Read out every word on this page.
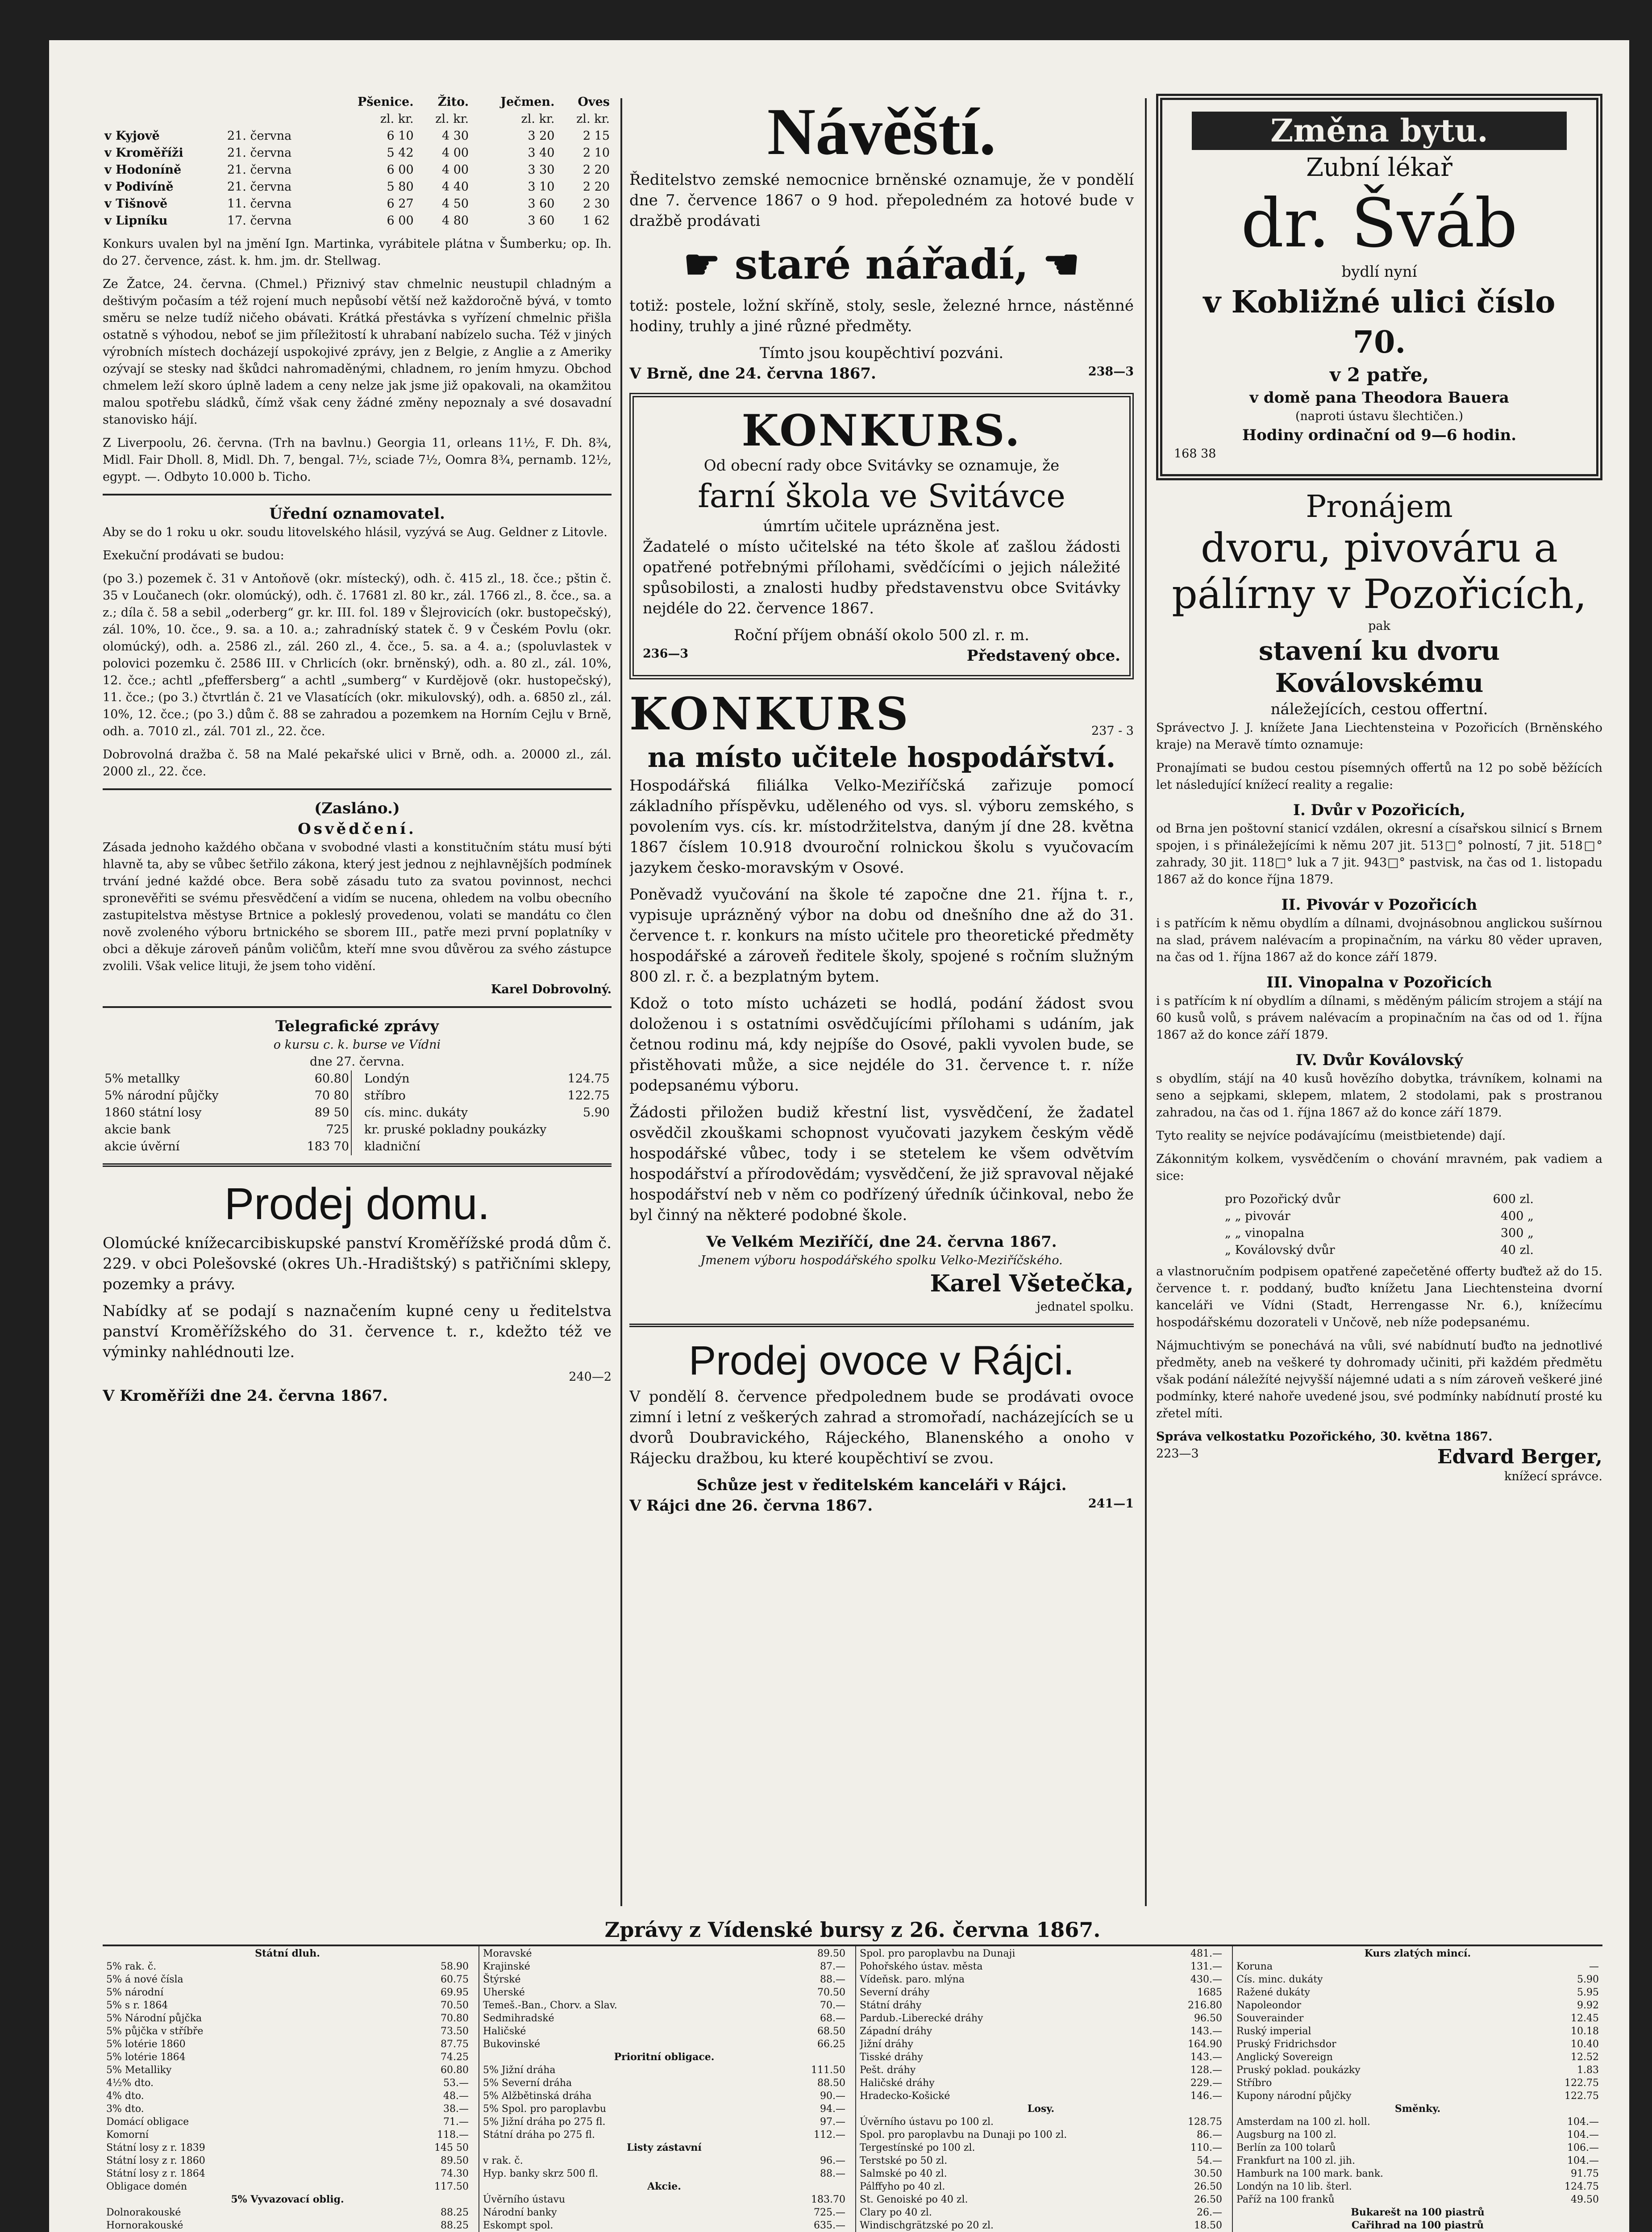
		Pšenice.	Žito.	Ječmen.	Oves
		zl. kr.	zl. kr.	zl. kr.	zl. kr.
v Kyjově	21. června	6 10	4 30	3 20	2 15
v Kroměříži	21. června	5 42	4 00	3 40	2 10
v Hodoníně	21. června	6 00	4 00	3 30	2 20
v Podivíně	21. června	5 80	4 40	3 10	2 20
v Tišnově	11. června	6 27	4 50	3 60	2 30
v Lipníku	17. června	6 00	4 80	3 60	1 62

Konkurs uvalen byl na jmění Ign. Martinka, vyrábitele plátna v Šumberku; op. Ih. do 27. července, zást. k. hm. jm. dr. Stellwag.

Ze Žatce, 24. června. (Chmel.) Přiznivý stav chmelnic neustupil chladným a deštivým počasím a též rojení much nepůsobí větší než každoročně bývá, v tomto směru se nelze tudíž ničeho obávati. Krátká přestávka s vyřízení chmelnic přišla ostatně s výhodou, neboť se jim příležitostí k uhrabaní nabízelo sucha. Též v jiných výrobních místech docházejí uspokojivé zprávy, jen z Belgie, z Anglie a z Ameriky ozývají se stesky nad škůdci nahromaděnými, chladnem, ro jením hmyzu. Obchod chmelem leží skoro úplně ladem a ceny nelze jak jsme již opakovali, na okamžitou malou spotřebu sládků, čímž však ceny žádné změny nepoznaly a své dosavadní stanovisko hájí.

Z Liverpoolu, 26. června. (Trh na bavlnu.) Georgia 11, orleans 11½, F. Dh. 8¾, Midl. Fair Dholl. 8, Midl. Dh. 7, bengal. 7½, sciade 7½, Oomra 8¾, pernamb. 12½, egypt. —. Odbyto 10.000 b. Ticho.

Úřední oznamovatel.

Aby se do 1 roku u okr. soudu litovelského hlásil, vyzývá se Aug. Geldner z Litovle.

Exekuční prodávati se budou:

(po 3.) pozemek č. 31 v Antoňově (okr. místecký), odh. č. 415 zl., 18. čce.; pštin č. 35 v Loučanech (okr. olomúcký), odh. č. 17681 zl. 80 kr., zál. 1766 zl., 8. čce., sa. a z.; díla č. 58 a sebil „oderberg“ gr. kr. III. fol. 189 v Šlejrovicích (okr. bustopečský), zál. 10%, 10. čce., 9. sa. a 10. a.; zahradníský statek č. 9 v Českém Povlu (okr. olomúcký), odh. a. 2586 zl., zál. 260 zl., 4. čce., 5. sa. a 4. a.; (spoluvlastek v polovici pozemku č. 2586 III. v Chrlicích (okr. brněnský), odh. a. 80 zl., zál. 10%, 12. čce.; achtl „pfeffersberg“ a achtl „sumberg“ v Kurdějově (okr. hustopečský), 11. čce.; (po 3.) čtvrtlán č. 21 ve Vlasatících (okr. mikulovský), odh. a. 6850 zl., zál. 10%, 12. čce.; (po 3.) dům č. 88 se zahradou a pozemkem na Horním Cejlu v Brně, odh. a. 7010 zl., zál. 701 zl., 22. čce.

Dobrovolná dražba č. 58 na Malé pekařské ulici v Brně, odh. a. 20000 zl., zál. 2000 zl., 22. čce.

(Zasláno.)
Osvědčení.

Zásada jednoho každého občana v svobodné vlasti a konstitučním státu musí býti hlavně ta, aby se vůbec šetřilo zákona, který jest jednou z nejhlavnějších podmínek trvání jedné každé obce. Bera sobě zásadu tuto za svatou povinnost, nechci spronevěřiti se svému přesvědčení a vidím se nucena, ohledem na volbu obecního zastupitelstva městyse Brtnice a pokleslý provedenou, volati se mandátu co člen nově zvoleného výboru brtnického se sborem III., patře mezi první poplatníky v obci a děkuje zároveň pánům voličům, kteří mne svou důvěrou za svého zástupce zvolili. Však velice lituji, že jsem toho vidění.

Karel Dobrovolný.
Telegrafické zprávy
o kursu c. k. burse ve Vídni
dne 27. června.
5% metallky	60.80
5% národní půjčky	70 80
1860 státní losy	89 50
akcie bank	725
akcie úvěrní	183 70
Londýn	124.75
stříbro	122.75
cís. minc. dukáty	5.90
kr. pruské pokladny poukázky	
kladniční	
Prodej domu.

Olomúcké knížecarcibiskupské panství Kroměřížské prodá dům č. 229. v obci Polešovské (okres Uh.-Hradištský) s patřičními sklepy, pozemky a právy.

Nabídky ať se podají s naznačením kupné ceny u ředitelstva panství Kroměřížského do 31. července t. r., kdežto též ve výminky nahlédnouti lze.

240—2
V Kroměříži dne 24. června 1867.
Návěští.

Ředitelstvo zemské nemocnice brněnské oznamuje, že v pondělí dne 7. července 1867 o 9 hod. přepoledném za hotové bude v dražbě prodávati

☛ staré nářadí, ☚

totiž: postele, ložní skříně, stoly, sesle, železné hrnce, nástěnné hodiny, truhly a jiné různé předměty.

Tímto jsou koupěchtiví pozváni.
V Brně, dne 24. června 1867.	238—3
KONKURS.
Od obecní rady obce Svitávky se oznamuje, že
farní škola ve Svitávce
úmrtím učitele uprázněna jest.

Žadatelé o místo učitelské na této škole ať zašlou žádosti opatřené potřebnými přílohami, svědčícími o jejich náležité spůsobilosti, a znalosti hudby představenstvu obce Svitávky nejdéle do 22. července 1867.

Roční příjem obnáší okolo 500 zl. r. m.
236—3	Představený obce.
KONKURS	237 - 3
na místo učitele hospodářství.

Hospodářská filiálka Velko-Meziříčská zařizuje pomocí základního příspěvku, uděleného od vys. sl. výboru zemského, s povolením vys. cís. kr. místodržitelstva, daným jí dne 28. května 1867 číslem 10.918 dvouroční rolnickou školu s vyučovacím jazykem česko-moravským v Osové.

Poněvadž vyučování na škole té započne dne 21. října t. r., vypisuje uprázněný výbor na dobu od dnešního dne až do 31. července t. r. konkurs na místo učitele pro theoretické předměty hospodářské a zároveň ředitele školy, spojené s ročním služným 800 zl. r. č. a bezplatným bytem.

Kdož o toto místo ucházeti se hodlá, podání žádost svou doloženou i s ostatními osvědčujícími přílohami s udáním, jak četnou rodinu má, kdy nejpíše do Osové, pakli vyvolen bude, se přistěhovati může, a sice nejdéle do 31. července t. r. níže podepsanému výboru.

Žádosti přiložen budiž křestní list, vysvědčení, že žadatel osvědčil zkouškami schopnost vyučovati jazykem českým vědě hospodářské vůbec, tody i se stetelem ke všem odvětvím hospodářství a přírodovědám; vysvědčení, že již spravoval nějaké hospodářství neb v něm co podřízený úředník účinkoval, nebo že byl činný na některé podobné škole.

Ve Velkém Meziříčí, dne 24. června 1867.
Jmenem výboru hospodářského spolku Velko-Meziříčského.
Karel Všetečka,
jednatel spolku.
Prodej ovoce v Rájci.

V pondělí 8. července předpolednem bude se prodávati ovoce zimní i letní z veškerých zahrad a stromořadí, nacházejících se u dvorů Doubravického, Rájeckého, Blanenského a onoho v Rájecku dražbou, ku které koupěchtiví se zvou.

Schůze jest v ředitelském kanceláři v Rájci.
V Rájci dne 26. června 1867.	241—1
Změna bytu.
Zubní lékař
dr. Šváb
bydlí nyní
v Kobližné ulici číslo 70.
v 2 patře,
v domě pana Theodora Bauera
(naproti ústavu šlechtičen.)
Hodiny ordinační od 9—6 hodin.
168 38
Pronájem
dvoru, pivováru a pálírny v Pozořicích,
pak
stavení ku dvoru Koválovskému
náležejících, cestou offertní.

Správectvo J. J. knížete Jana Liechtensteina v Pozořicích (Brněnského kraje) na Meravě tímto oznamuje:

Pronajímati se budou cestou písemných offertů na 12 po sobě běžících let následující knížecí reality a regalie:

I. Dvůr v Pozořicích,

od Brna jen poštovní stanicí vzdálen, okresní a císařskou silnicí s Brnem spojen, i s přináležejícími k němu 207 jit. 513□° polností, 7 jit. 518□° zahrady, 30 jit. 118□° luk a 7 jit. 943□° pastvisk, na čas od 1. listopadu 1867 až do konce října 1879.

II. Pivovár v Pozořicích

i s patřícím k němu obydlím a dílnami, dvojnásobnou anglickou sušírnou na slad, právem nalévacím a propinačním, na várku 80 věder upraven, na čas od 1. října 1867 až do konce září 1879.

III. Vinopalna v Pozořicích

i s patřícím k ní obydlím a dílnami, s měděným pálicím strojem a stájí na 60 kusů volů, s právem nalévacím a propinačním na čas od od 1. října 1867 až do konce září 1879.

IV. Dvůr Koválovský

s obydlím, stájí na 40 kusů hovězího dobytka, trávníkem, kolnami na seno a sejpkami, sklepem, mlatem, 2 stodolami, pak s prostranou zahradou, na čas od 1. října 1867 až do konce září 1879.

Tyto reality se nejvíce podávajícímu (meistbietende) dají.

Zákonnitým kolkem, vysvědčením o chování mravném, pak vadiem a sice:

pro Pozořický dvůr	600 zl.
„ „ pivovár	400 „
„ „ vinopalna	300 „
„ Koválovský dvůr	40 zl.

a vlastnoručním podpisem opatřené zapečetěné offerty buďtež až do 15. července t. r. poddaný, buďto knížetu Jana Liechtensteina dvorní kanceláři ve Vídni (Stadt, Herrengasse Nr. 6.), knížecímu hospodářskému dozorateli v Unčově, neb níže podepsanému.

Nájmuchtivým se ponechává na vůli, své nabídnutí buďto na jednotlivé předměty, aneb na veškeré ty dohromady učiniti, při každém předmětu však podání náležíté nejvyšší nájemné udati a s ním zároveň veškeré jiné podmínky, které nahoře uvedené jsou, své podmínky nabídnutí prosté ku zřetel míti.

Správa velkostatku Pozořického, 30. května 1867.
223—3	Edvard Berger,
knížecí správce.
Zprávy z Vídenské bursy z 26. června 1867.
Státní dluh.
5% rak. č.	58.90
5% á nové čísla	60.75
5% národní	69.95
5% s r. 1864	70.50
5% Národní půjčka	70.80
5% půjčka v stříbře	73.50
5% lotérie 1860	87.75
5% lotérie 1864	74.25
5% Metalliky	60.80
4½% dto.	53.—
4% dto.	48.—
3% dto.	38.—
Domácí obligace	71.—
Komorní	118.—
Státní losy z r. 1839	145 50
Státní losy z r. 1860	89.50
Státní losy z r. 1864	74.30
Obligace domén	117.50
5% Vyvazovací oblig.
Dolnorakouské	88.25
Hornorakouské	88.25
Moravské	89.50
Krajinské	87.—
Štýrské	88.—
Uherské	70.50
Temeš.-Ban., Chorv. a Slav.	70.—
Sedmihradské	68.—
Haličské	68.50
Bukovinské	66.25
Prioritní obligace.
5% Jižní dráha	111.50
5% Severní dráha	88.50
5% Alžbětinská dráha	90.—
5% Spol. pro paroplavbu	94.—
5% Jižní dráha po 275 fl.	97.—
Státní dráha po 275 fl.	112.—
Listy zástavní
v rak. č.	96.—
Hyp. banky skrz 500 fl.	88.—
Akcie.
Úvěrního ústavu	183.70
Národní banky	725.—
Eskompt spol.	635.—
Spol. pro paroplavbu na Dunaji	481.—
Pohořského ústav. města	131.—
Vídeňsk. paro. mlýna	430.—
Severní dráhy	1685
Státní dráhy	216.80
Pardub.-Liberecké dráhy	96.50
Západní dráhy	143.—
Jižní dráhy	164.90
Tisské dráhy	143.—
Pešt. dráhy	128.—
Haličské dráhy	229.—
Hradecko-Košické	146.—
Losy.
Úvěrního ústavu po 100 zl.	128.75
Spol. pro paroplavbu na Dunaji po 100 zl.	86.—
Tergestínské po 100 zl.	110.—
Terstské po 50 zl.	54.—
Salmské po 40 zl.	30.50
Pálffyho po 40 zl.	26.50
St. Genoiské po 40 zl.	26.50
Clary po 40 zl.	26.—
Windischgrätzské po 20 zl.	18.50
Kurs zlatých mincí.
Koruna	—
Cís. minc. dukáty	5.90
Ražené dukáty	5.95
Napoleondor	9.92
Souverainder	12.45
Ruský imperial	10.18
Pruský Fridrichsdor	10.40
Anglický Sovereign	12.52
Pruský poklad. poukázky	1.83
Stříbro	122.75
Kupony národní půjčky	122.75
Směnky.
Amsterdam na 100 zl. holl.	104.—
Augsburg na 100 zl.	104.—
Berlín za 100 tolarů	106.—
Frankfurt na 100 zl. jih.	104.—
Hamburk na 100 mark. bank.	91.75
Londýn na 10 lib. šterl.	124.75
Paříž na 100 franků	49.50
Bukarešt na 100 piastrů
Cařihrad na 100 piastrů
